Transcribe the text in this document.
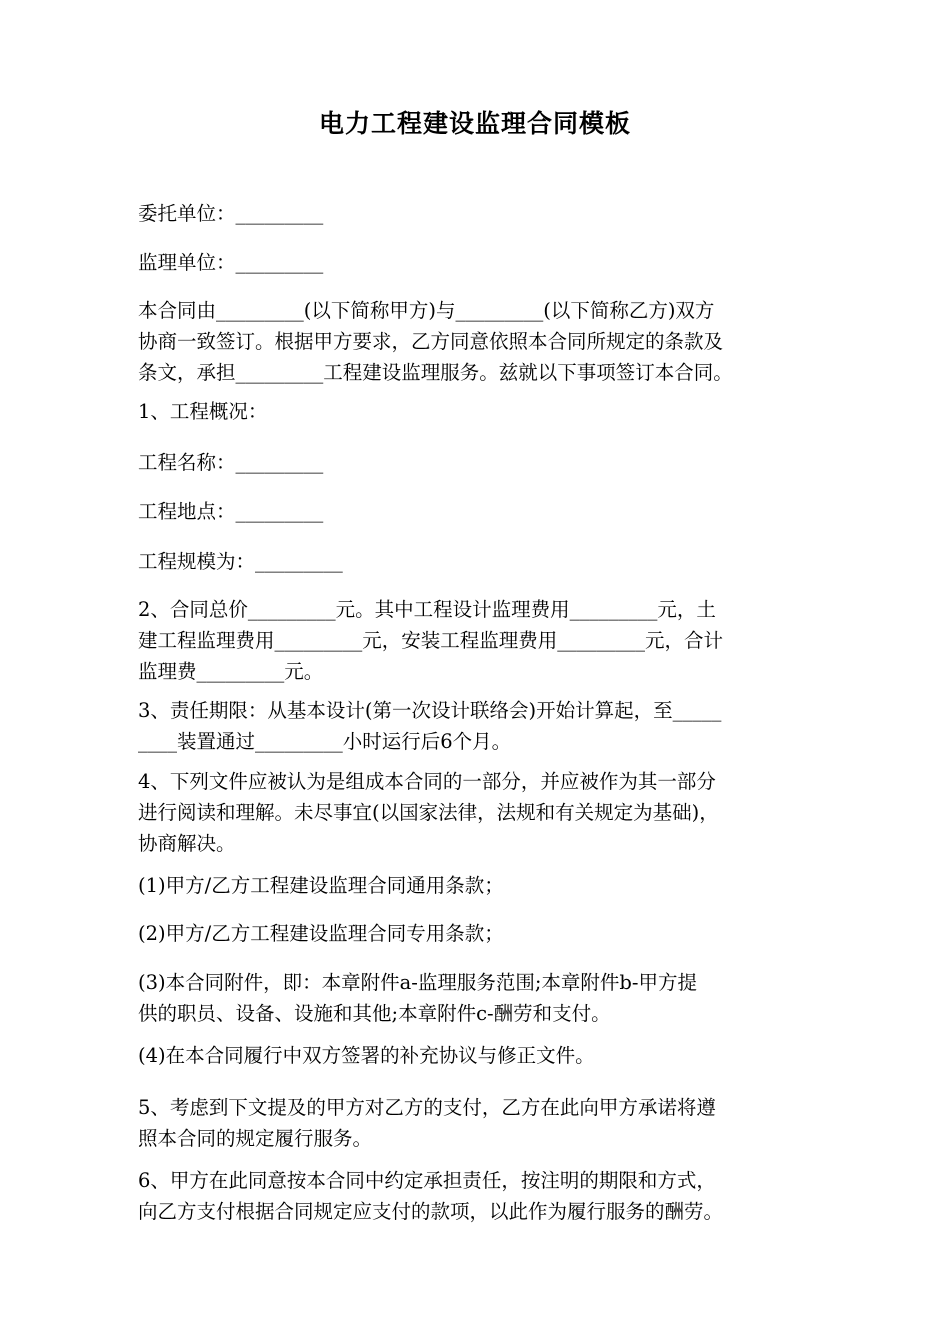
电力工程建设监理合同模板
委托单位：_________
监理单位：_________
本合同由_________(以下简称甲方)与_________(以下简称乙方)双方
协商一致签订。根据甲方要求，乙方同意依照本合同所规定的条款及
条文，承担_________工程建设监理服务。兹就以下事项签订本合同。
1、工程概况：
工程名称：_________
工程地点：_________
工程规模为：_________
2、合同总价_________元。其中工程设计监理费用_________元，土
建工程监理费用_________元，安装工程监理费用_________元，合计
监理费_________元。
3、责任期限：从基本设计(第一次设计联络会)开始计算起，至_____
____装置通过_________小时运行后6个月。
4、下列文件应被认为是组成本合同的一部分，并应被作为其一部分
进行阅读和理解。未尽事宜(以国家法律，法规和有关规定为基础)，
协商解决。
(1)甲方/乙方工程建设监理合同通用条款；
(2)甲方/乙方工程建设监理合同专用条款；
(3)本合同附件，即：本章附件a-监理服务范围;本章附件b-甲方提
供的职员、设备、设施和其他;本章附件c-酬劳和支付。
(4)在本合同履行中双方签署的补充协议与修正文件。
5、考虑到下文提及的甲方对乙方的支付，乙方在此向甲方承诺将遵
照本合同的规定履行服务。
6、甲方在此同意按本合同中约定承担责任，按注明的期限和方式，
向乙方支付根据合同规定应支付的款项，以此作为履行服务的酬劳。
